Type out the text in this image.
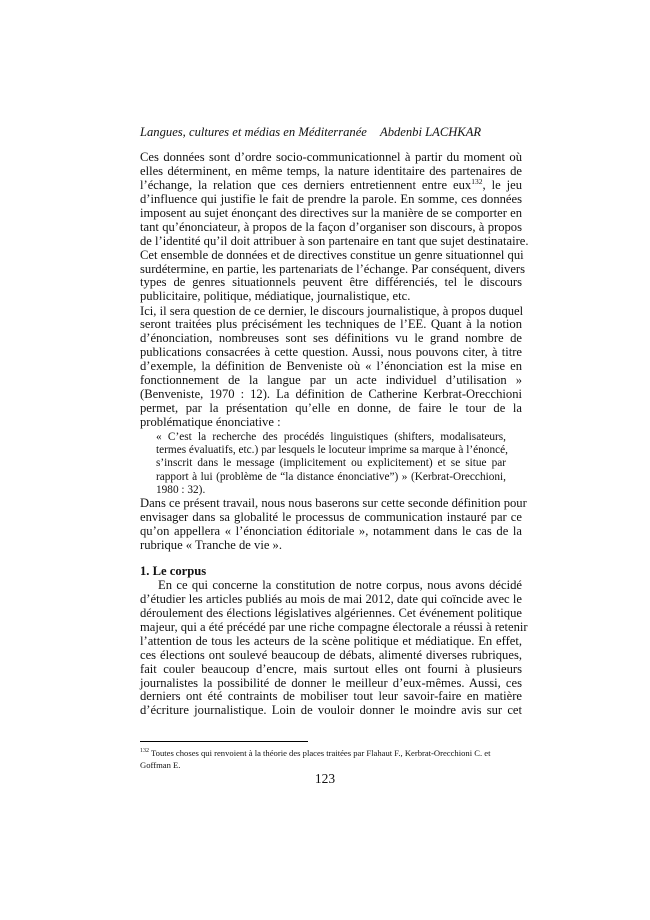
Langues, cultures et médias en Méditerranée Abdenbi LACHKAR
Ces données sont d’ordre socio-communicationnel à partir du moment où
elles déterminent, en même temps, la nature identitaire des partenaires de
l’échange, la relation que ces derniers entretiennent entre eux$^{132}$, le jeu
d’influence qui justifie le fait de prendre la parole. En somme, ces données
imposent au sujet énonçant des directives sur la manière de se comporter en
tant qu’énonciateur, à propos de la façon d’organiser son discours, à propos
de l’identité qu’il doit attribuer à son partenaire en tant que sujet destinataire.
Cet ensemble de données et de directives constitue un genre situationnel qui
surdétermine, en partie, les partenariats de l’échange. Par conséquent, divers
types de genres situationnels peuvent être différenciés, tel le discours
publicitaire, politique, médiatique, journalistique, etc.
Ici, il sera question de ce dernier, le discours journalistique, à propos duquel
seront traitées plus précisément les techniques de l’EE. Quant à la notion
d’énonciation, nombreuses sont ses définitions vu le grand nombre de
publications consacrées à cette question. Aussi, nous pouvons citer, à titre
d’exemple, la définition de Benveniste où « l’énonciation est la mise en
fonctionnement de la langue par un acte individuel d’utilisation »
(Benveniste, 1970 : 12). La définition de Catherine Kerbrat-Orecchioni
permet, par la présentation qu’elle en donne, de faire le tour de la
problématique énonciative :
« C’est la recherche des procédés linguistiques (shifters, modalisateurs,
termes évaluatifs, etc.) par lesquels le locuteur imprime sa marque à l’énoncé,
s’inscrit dans le message (implicitement ou explicitement) et se situe par
rapport à lui (problème de “la distance énonciative”) » (Kerbrat-Orecchioni,
1980 : 32).
Dans ce présent travail, nous nous baserons sur cette seconde définition pour
envisager dans sa globalité le processus de communication instauré par ce
qu’on appellera « l’énonciation éditoriale », notamment dans le cas de la
rubrique « Tranche de vie ».
1. Le corpus
En ce qui concerne la constitution de notre corpus, nous avons décidé
d’étudier les articles publiés au mois de mai 2012, date qui coïncide avec le
déroulement des élections législatives algériennes. Cet événement politique
majeur, qui a été précédé par une riche compagne électorale a réussi à retenir
l’attention de tous les acteurs de la scène politique et médiatique. En effet,
ces élections ont soulevé beaucoup de débats, alimenté diverses rubriques,
fait couler beaucoup d’encre, mais surtout elles ont fourni à plusieurs
journalistes la possibilité de donner le meilleur d’eux-mêmes. Aussi, ces
derniers ont été contraints de mobiliser tout leur savoir-faire en matière
d’écriture journalistique. Loin de vouloir donner le moindre avis sur cet
$^{132}$ Toutes choses qui renvoient à la théorie des places traitées par Flahaut F., Kerbrat-Orecchioni C. et Goffman E.
123
